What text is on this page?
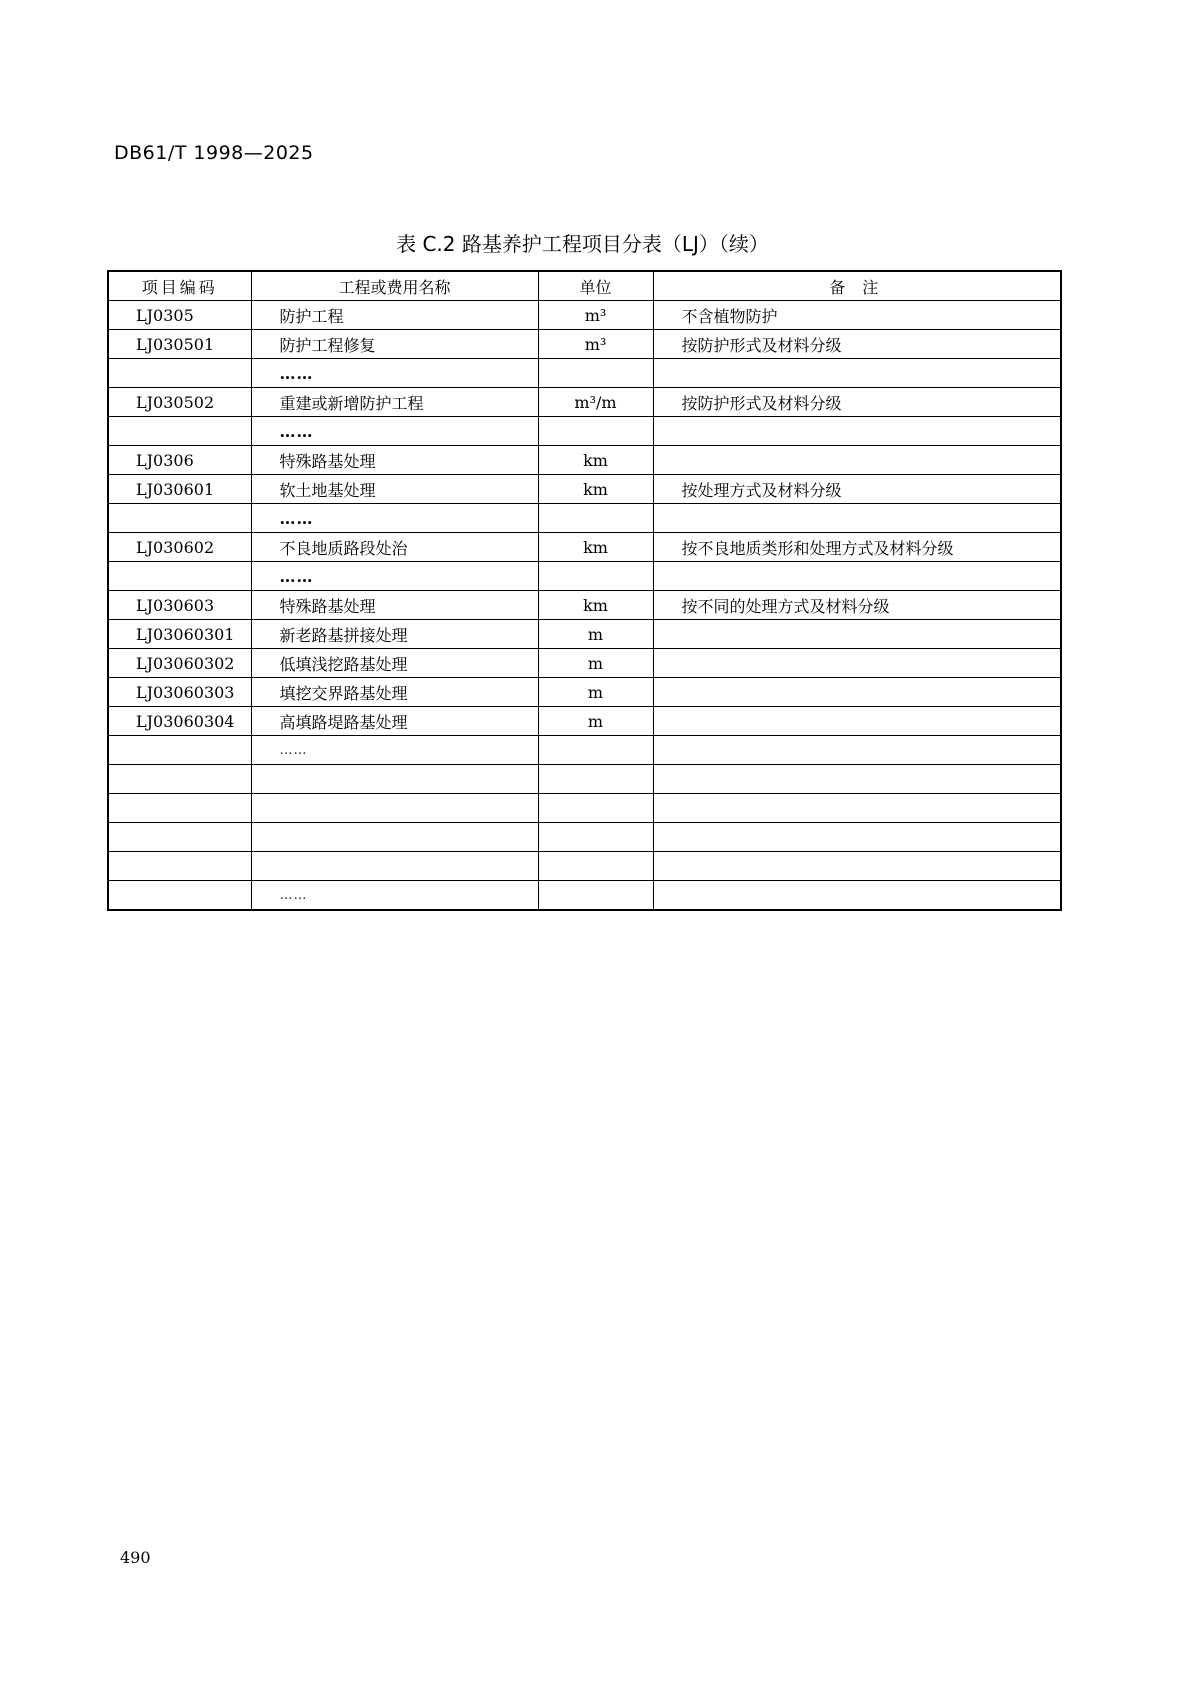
DB61/T 1998—2025
表 C.2 路基养护工程项目分表（LJ）（续）
项目编码	工程或费用名称	单位	备 注
LJ0305	防护工程	m³	不含植物防护
LJ030501	防护工程修复	m³	按防护形式及材料分级
	……		
LJ030502	重建或新增防护工程	m³/m	按防护形式及材料分级
	……		
LJ0306	特殊路基处理	km	
LJ030601	软土地基处理	km	按处理方式及材料分级
	……		
LJ030602	不良地质路段处治	km	按不良地质类形和处理方式及材料分级
	……		
LJ030603	特殊路基处理	km	按不同的处理方式及材料分级
LJ03060301	新老路基拼接处理	m	
LJ03060302	低填浅挖路基处理	m	
LJ03060303	填挖交界路基处理	m	
LJ03060304	高填路堤路基处理	m	
	……		

	……		
490
